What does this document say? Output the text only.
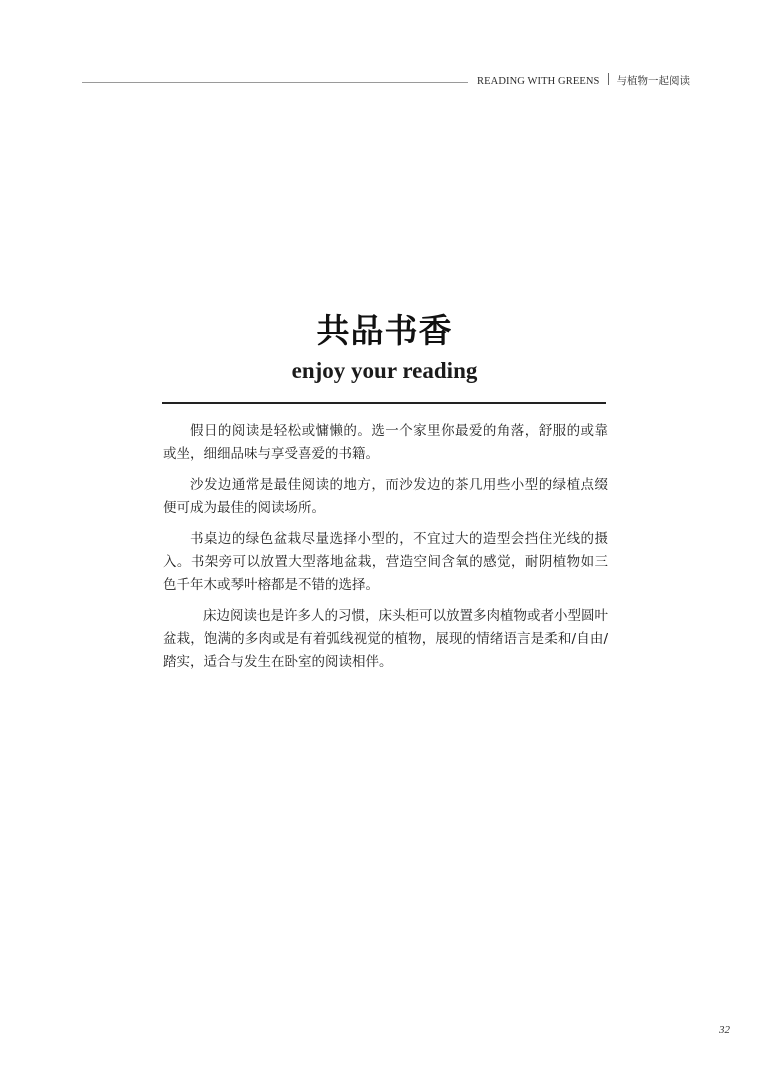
READING WITH GREENS 与植物一起阅读
共品书香
enjoy your reading

假日的阅读是轻松或慵懒的。选一个家里你最爱的角落，舒服的或靠或坐，细细品味与享受喜爱的书籍。

沙发边通常是最佳阅读的地方，而沙发边的茶几用些小型的绿植点缀便可成为最佳的阅读场所。

书桌边的绿色盆栽尽量选择小型的，不宜过大的造型会挡住光线的摄入。书架旁可以放置大型落地盆栽，营造空间含氧的感觉，耐阴植物如三色千年木或琴叶榕都是不错的选择。

床边阅读也是许多人的习惯，床头柜可以放置多肉植物或者小型圆叶盆栽，饱满的多肉或是有着弧线视觉的植物，展现的情绪语言是柔和/自由/踏实，适合与发生在卧室的阅读相伴。

32
